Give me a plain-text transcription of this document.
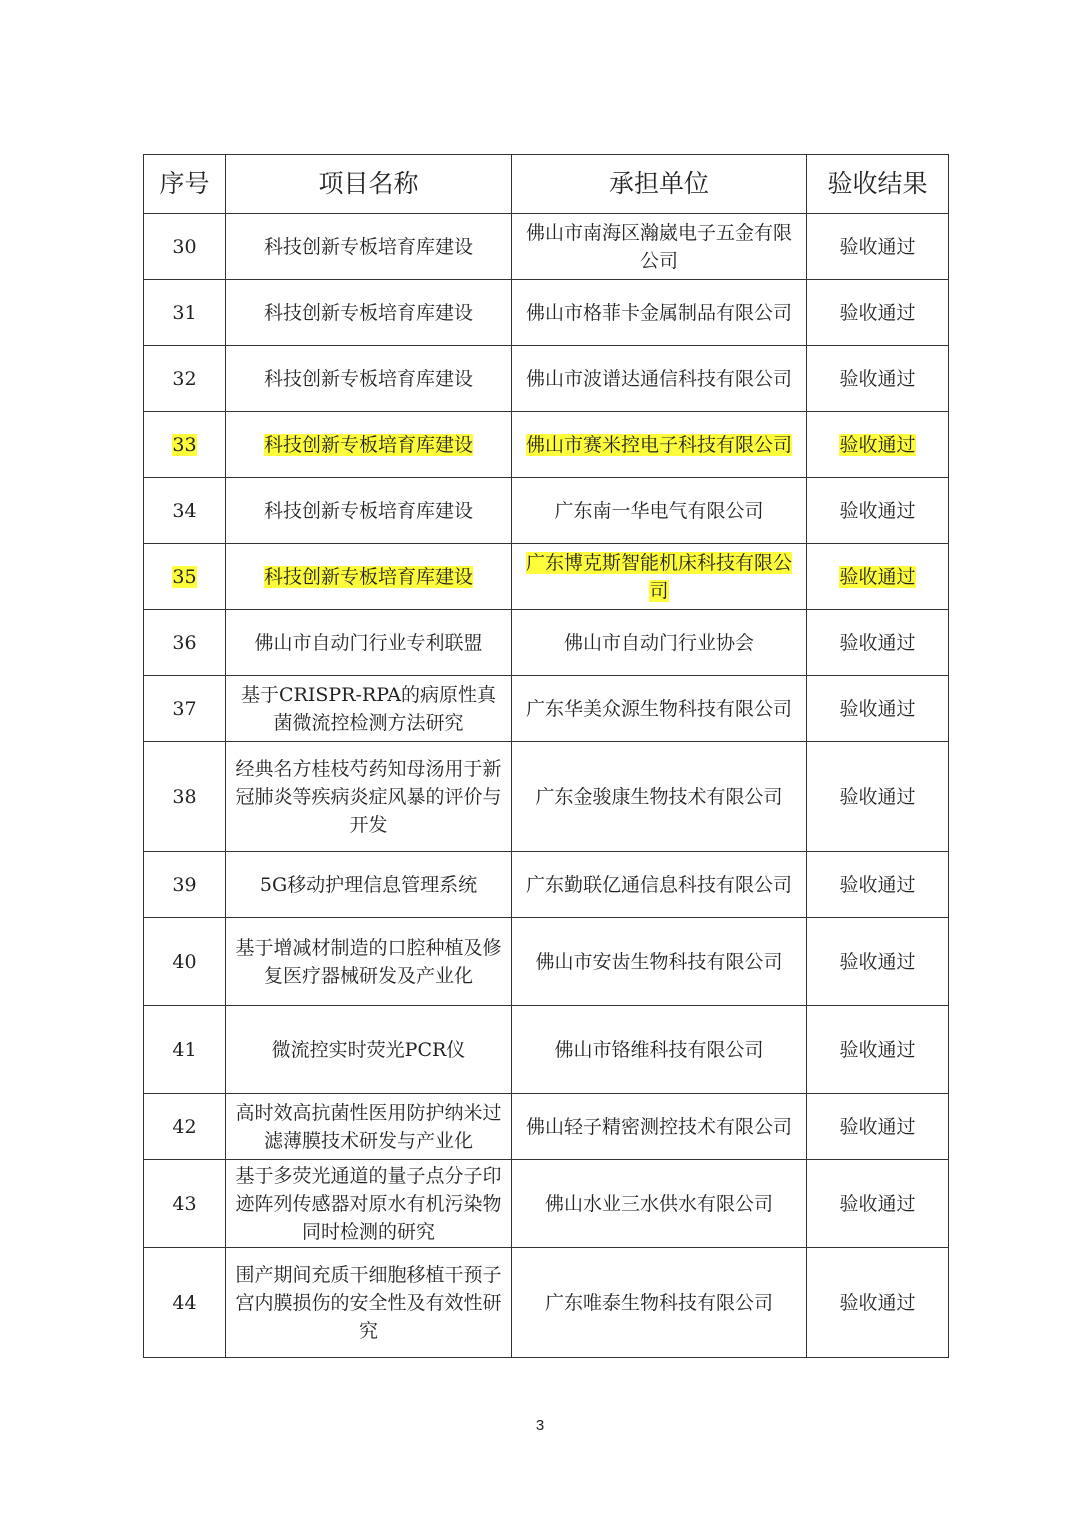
序号	项目名称	承担单位	验收结果
30	科技创新专板培育库建设	佛山市南海区瀚崴电子五金有限公司	验收通过
31	科技创新专板培育库建设	佛山市格菲卡金属制品有限公司	验收通过
32	科技创新专板培育库建设	佛山市波谱达通信科技有限公司	验收通过
33	科技创新专板培育库建设	佛山市赛米控电子科技有限公司	验收通过
34	科技创新专板培育库建设	广东南一华电气有限公司	验收通过
35	科技创新专板培育库建设	广东博克斯智能机床科技有限公司	验收通过
36	佛山市自动门行业专利联盟	佛山市自动门行业协会	验收通过
37	基于CRISPR-RPA的病原性真菌微流控检测方法研究	广东华美众源生物科技有限公司	验收通过
38	经典名方桂枝芍药知母汤用于新冠肺炎等疾病炎症风暴的评价与开发	广东金骏康生物技术有限公司	验收通过
39	5G移动护理信息管理系统	广东勤联亿通信息科技有限公司	验收通过
40	基于增减材制造的口腔种植及修复医疗器械研发及产业化	佛山市安齿生物科技有限公司	验收通过
41	微流控实时荧光PCR仪	佛山市铬维科技有限公司	验收通过
42	高时效高抗菌性医用防护纳米过滤薄膜技术研发与产业化	佛山轻子精密测控技术有限公司	验收通过
43	基于多荧光通道的量子点分子印迹阵列传感器对原水有机污染物同时检测的研究	佛山水业三水供水有限公司	验收通过
44	围产期间充质干细胞移植干预子宫内膜损伤的安全性及有效性研究	广东唯泰生物科技有限公司	验收通过
3
